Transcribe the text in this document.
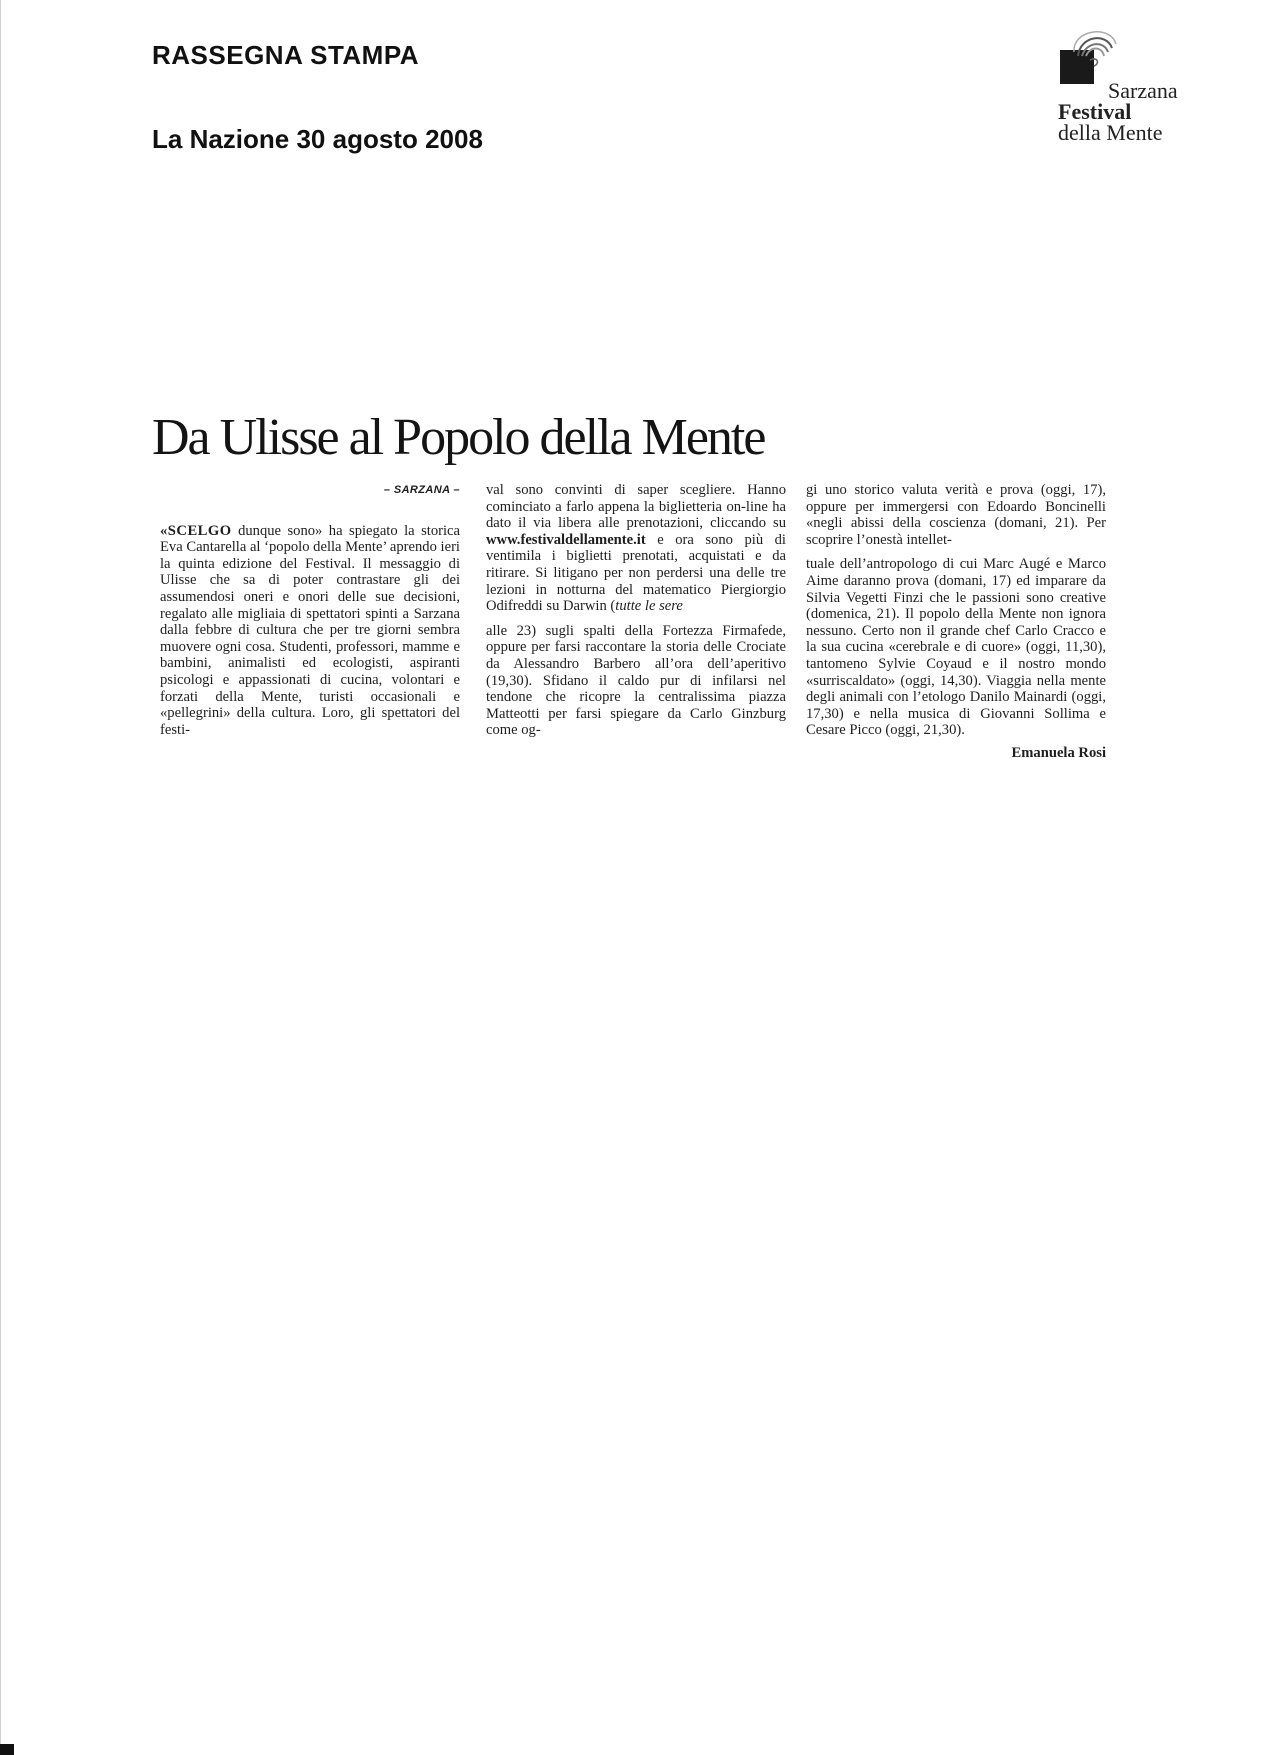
RASSEGNA STAMPA
La Nazione 30 agosto 2008
Sarzana
Festival
della Mente
Da Ulisse al Popolo della Mente
– SARZANA –
«SCELGO dunque sono» ha spiegato la storica Eva Cantarella al ‘popolo della Mente’ aprendo ieri la quinta edizione del Festival. Il messaggio di Ulisse che sa di poter contrastare gli dei assumendosi oneri e onori delle sue decisioni, regalato alle migliaia di spettatori spinti a Sarzana dalla febbre di cultura che per tre giorni sembra muovere ogni cosa. Studenti, professori, mamme e bambini, animalisti ed ecologisti, aspiranti psicologi e appassionati di cucina, volontari e forzati della Mente, turisti occasionali e «pellegrini» della cultura. Loro, gli spettatori del festi-
val sono convinti di saper scegliere. Hanno cominciato a farlo appena la biglietteria on-line ha dato il via libera alle prenotazioni, cliccando su www.festivaldellamente.it e ora sono più di ventimila i biglietti prenotati, acquistati e da ritirare. Si litigano per non perdersi una delle tre lezioni in notturna del matematico Piergiorgio Odifreddi su Darwin (tutte le sere
alle 23) sugli spalti della Fortezza Firmafede, oppure per farsi raccontare la storia delle Crociate da Alessandro Barbero all’ora dell’aperitivo (19,30). Sfidano il caldo pur di infilarsi nel tendone che ricopre la centralissima piazza Matteotti per farsi spiegare da Carlo Ginzburg come og-
gi uno storico valuta verità e prova (oggi, 17), oppure per immergersi con Edoardo Boncinelli «negli abissi della coscienza (domani, 21). Per scoprire l’onestà intellet-
tuale dell’antropologo di cui Marc Augé e Marco Aime daranno prova (domani, 17) ed imparare da Silvia Vegetti Finzi che le passioni sono creative (domenica, 21). Il popolo della Mente non ignora nessuno. Certo non il grande chef Carlo Cracco e la sua cucina «cerebrale e di cuore» (oggi, 11,30), tantomeno Sylvie Coyaud e il nostro mondo «surriscaldato» (oggi, 14,30). Viaggia nella mente degli animali con l’etologo Danilo Mainardi (oggi, 17,30) e nella musica di Giovanni Sollima e Cesare Picco (oggi, 21,30).
Emanuela Rosi
